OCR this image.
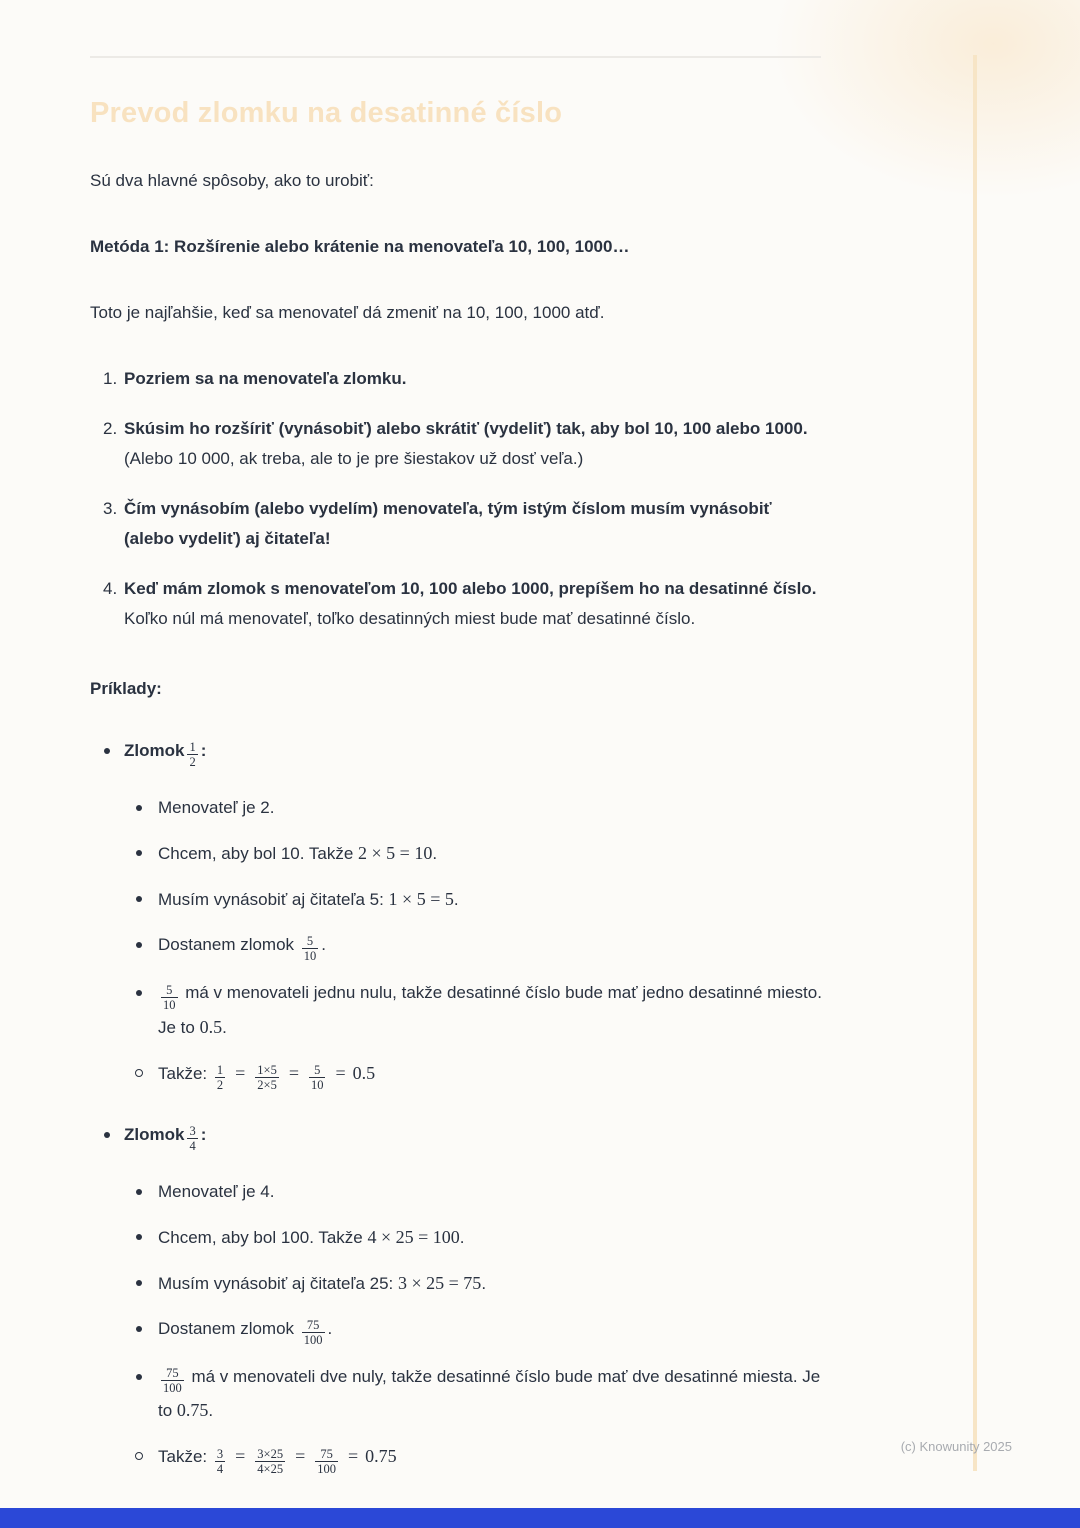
Prevod zlomku na desatinné číslo

Sú dva hlavné spôsoby, ako to urobiť:

Metóda 1: Rozšírenie alebo krátenie na menovateľa 10, 100, 1000…

Toto je najľahšie, keď sa menovateľ dá zmeniť na 10, 100, 1000 atď.

1. Pozriem sa na menovateľa zlomku.
2. Skúsim ho rozšíriť (vynásobiť) alebo skrátiť (vydeliť) tak, aby bol 10, 100 alebo 1000. (Alebo 10 000, ak treba, ale to je pre šiestakov už dosť veľa.)
3. Čím vynásobím (alebo vydelím) menovateľa, tým istým číslom musím vynásobiť (alebo vydeliť) aj čitateľa!
4. Keď mám zlomok s menovateľom 10, 100 alebo 1000, prepíšem ho na desatinné číslo. Koľko núl má menovateľ, toľko desatinných miest bude mať desatinné číslo.

Príklady:

Zlomok $\frac{1}{2}$ :
Menovateľ je 2.
Chcem, aby bol 10. Takže 2 × 5 = 10.
Musím vynásobiť aj čitateľa 5: 1 × 5 = 5.
Dostanem zlomok $\frac{5}{10}$ .
$\frac{5}{10}$ má v menovateli jednu nulu, takže desatinné číslo bude mať jedno desatinné miesto. Je to 0.5.
Takže: $\frac{1}{2} = \frac{1\times 5}{2\times 5} = \frac{5}{10} = 0.5$
Zlomok $\frac{3}{4}$ :
Menovateľ je 4.
Chcem, aby bol 100. Takže 4 × 25 = 100.
Musím vynásobiť aj čitateľa 25: 3 × 25 = 75.
Dostanem zlomok $\frac{75}{100}$ .
$\frac{75}{100}$ má v menovateli dve nuly, takže desatinné číslo bude mať dve desatinné miesta. Je to 0.75.
Takže: $\frac{3}{4} = \frac{3\times 25}{4\times 25} = \frac{75}{100} = 0.75$	(c) Knowunity 2025
